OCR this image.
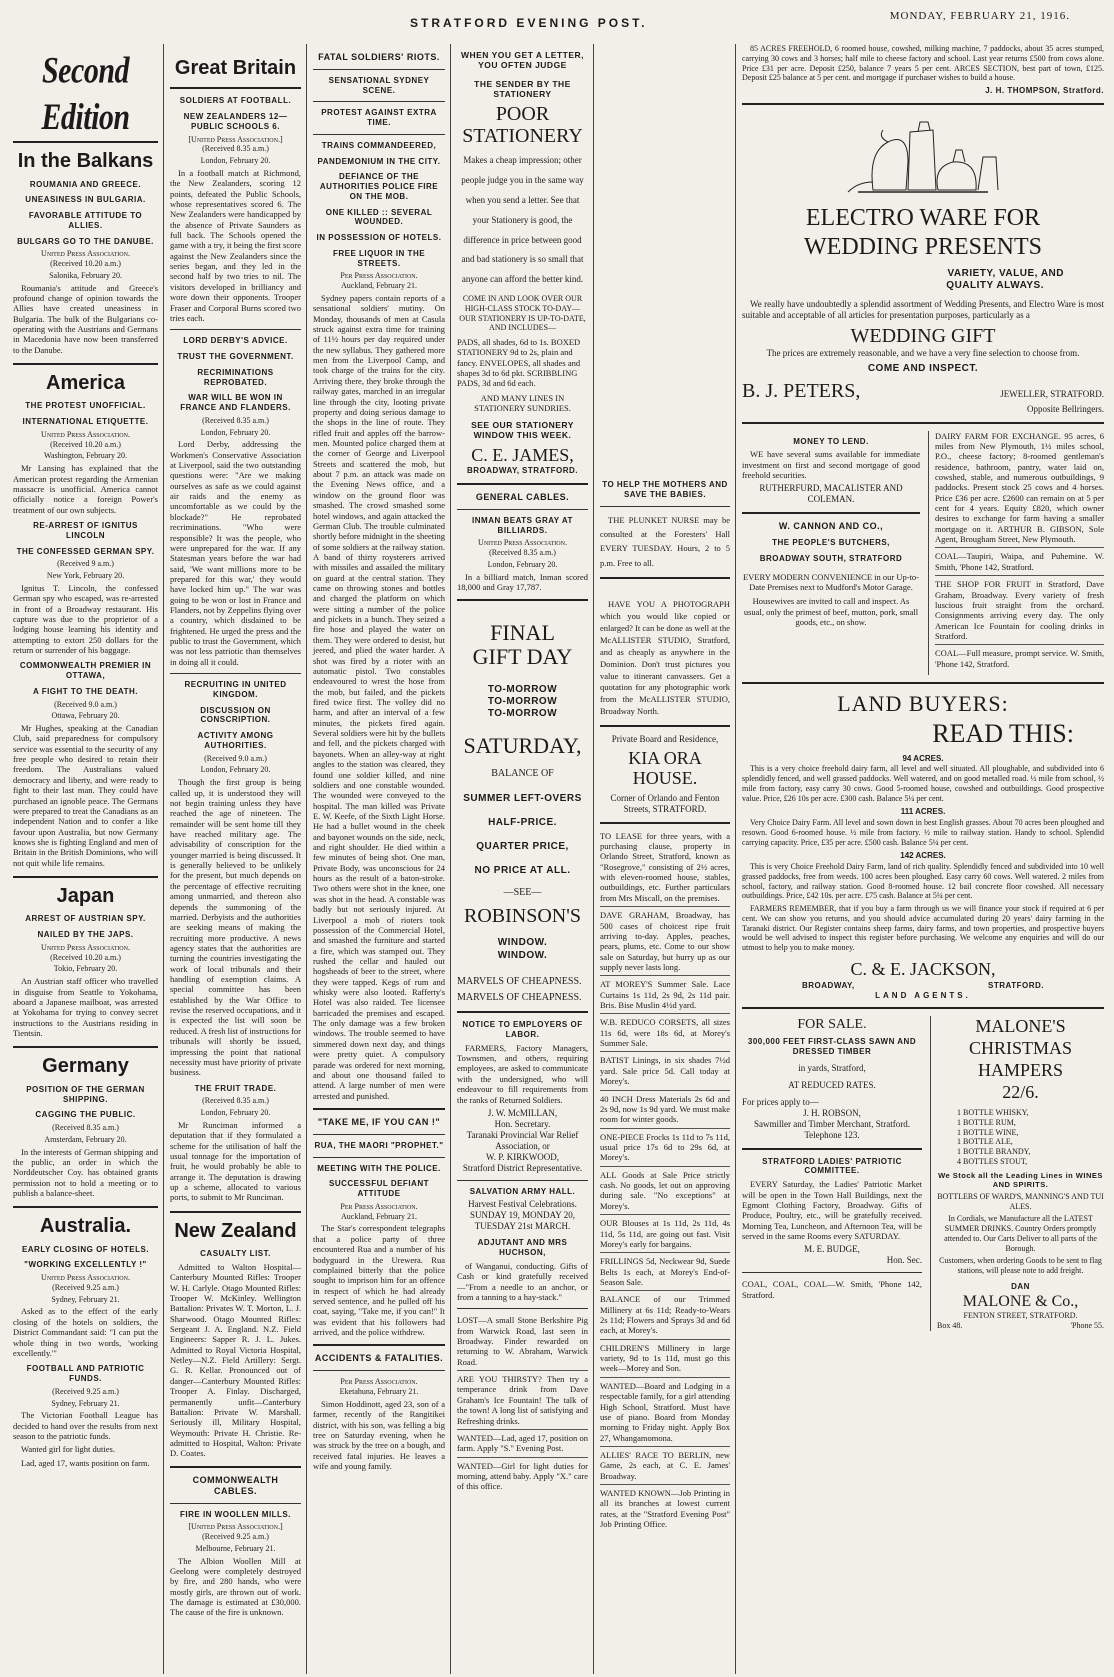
STRATFORD EVENING POST.	MONDAY, FEBRUARY 21, 1916.
Second Edition
In the Balkans
ROUMANIA AND GREECE.
UNEASINESS IN BULGARIA.
FAVORABLE ATTITUDE TO ALLIES.
BULGARS GO TO THE DANUBE.
United Press Association.
(Received 10.20 a.m.)
Salonika, February 20.
Roumania's attitude and Greece's profound change of opinion towards the Allies have created uneasiness in Bulgaria. The bulk of the Bulgarians co-operating with the Austrians and Germans in Macedonia have now been transferred to the Danube.
America
THE PROTEST UNOFFICIAL.
INTERNATIONAL ETIQUETTE.
United Press Association.
(Received 10.20 a.m.)
Washington, February 20.
Mr Lansing has explained that the American protest regarding the Armenian massacre is unofficial. America cannot officially notice a foreign Power's treatment of our own subjects.
RE-ARREST OF IGNITUS LINCOLN
THE CONFESSED GERMAN SPY.
(Received 9 a.m.)
New York, February 20.
Ignitus T. Lincoln, the confessed German spy who escaped, was re-arrested in front of a Broadway restaurant. His capture was due to the proprietor of a lodging house learning his identity and attempting to extort 250 dollars for the return or surrender of his baggage.
COMMONWEALTH PREMIER IN OTTAWA,
A FIGHT TO THE DEATH.
(Received 9.0 a.m.)
Ottawa, February 20.
Mr Hughes, speaking at the Canadian Club, said preparedness for compulsory service was essential to the security of any free people who desired to retain their freedom. The Australians valued democracy and liberty, and were ready to fight to their last man. They could have purchased an ignoble peace. The Germans were prepared to treat the Canadians as an independent Nation and to confer a like favour upon Australia, but now Germany knows she is fighting England and men of Britain in the British Dominions, who will not quit while life remains.
Japan
ARREST OF AUSTRIAN SPY.
NAILED BY THE JAPS.
United Press Association.
(Received 10.20 a.m.)
Tokio, February 20.
An Austrian staff officer who travelled in disguise from Seattle to Yokohama, aboard a Japanese mailboat, was arrested at Yokohama for trying to convey secret instructions to the Austrians residing in Tientsin.
Germany
POSITION OF THE GERMAN SHIPPING.
CAGGING THE PUBLIC.
(Received 8.35 a.m.)
Amsterdam, February 20.
In the interests of German shipping and the public, an order in which the Norddeutscher Coy. has obtained grants permission not to hold a meeting or to publish a balance-sheet.
Australia.
EARLY CLOSING OF HOTELS.
"WORKING EXCELLENTLY !"
United Press Association.
(Received 9.25 a.m.)
Sydney, February 21.
Asked as to the effect of the early closing of the hotels on soldiers, the District Commandant said: "I can put the whole thing in two words, 'working excellently.'"
FOOTBALL AND PATRIOTIC FUNDS.
(Received 9.25 a.m.)
Sydney, February 21.
The Victorian Football League has decided to hand over the results from next season to the patriotic funds.
Wanted girl for light duties.
Lad, aged 17, wants position on farm.
Great Britain
SOLDIERS AT FOOTBALL.
NEW ZEALANDERS 12—PUBLIC SCHOOLS 6.
[United Press Association.]
(Received 8.35 a.m.)
London, February 20.
In a football match at Richmond, the New Zealanders, scoring 12 points, defeated the Public Schools, whose representatives scored 6. The New Zealanders were handicapped by the absence of Private Saunders as full back. The Schools opened the game with a try, it being the first score against the New Zealanders since the series began, and they led in the second half by two tries to nil. The visitors developed in brilliancy and wore down their opponents. Trooper Fraser and Corporal Burns scored two tries each.
LORD DERBY'S ADVICE.
TRUST THE GOVERNMENT.
RECRIMINATIONS REPROBATED.
WAR WILL BE WON IN FRANCE AND FLANDERS.
(Received 8.35 a.m.)
London, February 20.
Lord Derby, addressing the Workmen's Conservative Association at Liverpool, said the two outstanding questions were: "Are we making ourselves as safe as we could against air raids and the enemy as uncomfortable as we could by the blockade?" He reprobated recriminations. "Who were responsible? It was the people, who were unprepared for the war. If any Statesman years before the war had said, 'We want millions more to be prepared for this war,' they would have locked him up." The war was going to be won or lost in France and Flanders, not by Zeppelins flying over a country, which disdained to be frightened. He urged the press and the public to trust the Government, which was not less patriotic than themselves in doing all it could.
RECRUITING IN UNITED KINGDOM.
DISCUSSION ON CONSCRIPTION.
ACTIVITY AMONG AUTHORITIES.
(Received 9.0 a.m.)
London, February 20.
Though the first group is being called up, it is understood they will not begin training unless they have reached the age of nineteen. The remainder will be sent home till they have reached military age. The advisability of conscription for the younger married is being discussed. It is generally believed to be unlikely for the present, but much depends on the percentage of effective recruiting among unmarried, and thereon also depends the summoning of the married. Derbyists and the authorities are seeking means of making the recruiting more productive. A news agency states that the authorities are turning the countries investigating the work of local tribunals and their handling of exemption claims. A special committee has been established by the War Office to revise the reserved occupations, and it is expected the list will soon be reduced. A fresh list of instructions for tribunals will shortly be issued, impressing the point that national necessity must have priority of private business.
THE FRUIT TRADE.
(Received 8.35 a.m.)
London, February 20.
Mr Runciman informed a deputation that if they formulated a scheme for the utilisation of half the usual tonnage for the importation of fruit, he would probably be able to arrange it. The deputation is drawing up a scheme, allocated to various ports, to submit to Mr Runciman.
New Zealand
CASUALTY LIST.
Admitted to Walton Hospital—Canterbury Mounted Rifles: Trooper W. H. Carlyle. Otago Mounted Rifles: Trooper W. McKinley. Wellington Battalion: Privates W. T. Morton, L. J. Sharwood. Otago Mounted Rifles: Sergeant J. A. England. N.Z. Field Engineers: Sapper R. J. L. Jukes. Admitted to Royal Victoria Hospital, Netley—N.Z. Field Artillery: Sergt. G. R. Kellar. Pronounced out of danger—Canterbury Mounted Rifles: Trooper A. Finlay. Discharged, permanently unfit—Canterbury Battalion: Private W. Marshall. Seriously ill, Military Hospital, Weymouth: Private H. Christie. Re-admitted to Hospital, Walton: Private D. Coates.
COMMONWEALTH CABLES.
FIRE IN WOOLLEN MILLS.
[United Press Association.]
(Received 9.25 a.m.)
Melbourne, February 21.
The Albion Woollen Mill at Geelong were completely destroyed by fire, and 280 hands, who were mostly girls, are thrown out of work. The damage is estimated at £30,000. The cause of the fire is unknown.
FATAL SOLDIERS' RIOTS.
SENSATIONAL SYDNEY SCENE.
PROTEST AGAINST EXTRA TIME.
TRAINS COMMANDEERED,
PANDEMONIUM IN THE CITY.
DEFIANCE OF THE AUTHORITIES POLICE FIRE ON THE MOB.
ONE KILLED :: SEVERAL WOUNDED.
IN POSSESSION OF HOTELS.
FREE LIQUOR IN THE STREETS.
Per Press Association.
Auckland, February 21.
Sydney papers contain reports of a sensational soldiers' mutiny. On Monday, thousands of men at Casula struck against extra time for training of 11½ hours per day required under the new syllabus. They gathered more men from the Liverpool Camp, and took charge of the trains for the city. Arriving there, they broke through the railway gates, marched in an irregular line through the city, looting private property and doing serious damage to the shops in the line of route. They rifled fruit and apples off the barrow-men. Mounted police charged them at the corner of George and Liverpool Streets and scattered the mob, but about 7 p.m. an attack was made on the Evening News office, and a window on the ground floor was smashed. The crowd smashed some hotel windows, and again attacked the German Club. The trouble culminated shortly before midnight in the sheeting of some soldiers at the railway station. A band of thirty roysterers arrived with missiles and assailed the military on guard at the central station. They came on throwing stones and bottles and charged the platform on which were sitting a number of the police and pickets in a bunch. They seized a fire hose and played the water on them. They were ordered to desist, but jeered, and plied the water harder. A shot was fired by a rioter with an automatic pistol. Two constables endeavoured to wrest the hose from the mob, but failed, and the pickets fired twice first. The volley did no harm, and after an interval of a few minutes, the pickets fired again. Several soldiers were hit by the bullets and fell, and the pickets charged with bayonets. When an alley-way at right angles to the station was cleared, they found one soldier killed, and nine soldiers and one constable wounded. The wounded were conveyed to the hospital. The man killed was Private E. W. Keefe, of the Sixth Light Horse. He had a bullet wound in the cheek and bayonet wounds on the side, neck, and right shoulder. He died within a few minutes of being shot. One man, Private Body, was unconscious for 24 hours as the result of a baton-stroke. Two others were shot in the knee, one was shot in the head. A constable was badly but not seriously injured. At Liverpool a mob of rioters took possession of the Commercial Hotel, and smashed the furniture and started a fire, which was stamped out. They rushed the cellar and hauled out hogsheads of beer to the street, where they were tapped. Kegs of rum and whisky were also looted. Rafferty's Hotel was also raided. Tee licensee barricaded the premises and escaped. The only damage was a few broken windows. The trouble seemed to have simmered down next day, and things were pretty quiet. A compulsory parade was ordered for next morning, and about one thousand failed to attend. A large number of men were arrested and punished.
"TAKE ME, IF YOU CAN !"
RUA, THE MAORI "PROPHET."
MEETING WITH THE POLICE.
SUCCESSFUL DEFIANT ATTITUDE
Per Press Association.
Auckland, February 21.
The Star's correspondent telegraphs that a police party of three encountered Rua and a number of his bodyguard in the Urewera. Rua complained bitterly that the police sought to imprison him for an offence in respect of which he had already served sentence, and he pulled off his coat, saying, "Take me, if you can!" It was evident that his followers had arrived, and the police withdrew.
ACCIDENTS & FATALITIES.
Per Press Association.
Eketahuna, February 21.
Simon Hoddinott, aged 23, son of a farmer, recently of the Rangitikei district, with his son, was felling a big tree on Saturday evening, when he was struck by the tree on a bough, and received fatal injuries. He leaves a wife and young family.
WHEN YOU GET A LETTER, YOU OFTEN JUDGE
THE SENDER BY THE STATIONERY
POOR
STATIONERY
Makes a cheap impression; other people judge you in the same way when you send a letter. See that your Stationery is good, the difference in price between good and bad stationery is so small that anyone can afford the better kind.
COME IN AND LOOK OVER OUR HIGH-CLASS STOCK TO-DAY—OUR STATIONERY IS UP-TO-DATE, AND INCLUDES—
PADS, all shades, 6d to 1s. BOXED STATIONERY 9d to 2s, plain and fancy. ENVELOPES, all shades and shapes 3d to 6d pkt. SCRIBBLING PADS, 3d and 6d each.
AND MANY LINES IN STATIONERY SUNDRIES.
SEE OUR STATIONERY WINDOW THIS WEEK.
C. E. JAMES,
BROADWAY, STRATFORD.
GENERAL CABLES.
INMAN BEATS GRAY AT BILLIARDS.
United Press Association.
(Received 8.35 a.m.)
London, February 20.
In a billiard match, Inman scored 18,000 and Gray 17,787.
FINAL
GIFT DAY
TO-MORROW
TO-MORROW
TO-MORROW
SATURDAY,
BALANCE OF
SUMMER LEFT-OVERS
HALF-PRICE.
QUARTER PRICE,
NO PRICE AT ALL.
—SEE—
ROBINSON'S
WINDOW.
WINDOW.
MARVELS OF CHEAPNESS.
MARVELS OF CHEAPNESS.
NOTICE TO EMPLOYERS OF LABOR.
FARMERS, Factory Managers, Townsmen, and others, requiring employees, are asked to communicate with the undersigned, who will endeavour to fill requirements from the ranks of Returned Soldiers.
J. W. McMILLAN,
Hon. Secretary.
Taranaki Provincial War Relief Association, or
W. P. KIRKWOOD,
Stratford District Representative.
SALVATION ARMY HALL.
Harvest Festival Celebrations.
SUNDAY 19, MONDAY 20, TUESDAY 21st MARCH.
ADJUTANT AND MRS HUCHSON,
of Wanganui, conducting. Gifts of Cash or kind gratefully received—"From a needle to an anchor, or from a tanning to a hay-stack."
LOST—A small Stone Berkshire Pig from Warwick Road, last seen in Broadway. Finder rewarded on returning to W. Abraham, Warwick Road.
ARE YOU THIRSTY? Then try a temperance drink from Dave Graham's Ice Fountain! The talk of the town! A long list of satisfying and Refreshing drinks.
WANTED—Lad, aged 17, position on farm. Apply "S." Evening Post.
WANTED—Girl for light duties for morning, attend baby. Apply "X." care of this office.
TO HELP THE MOTHERS AND SAVE THE BABIES.
THE PLUNKET NURSE may be consulted at the Foresters' Hall EVERY TUESDAY. Hours, 2 to 5 p.m. Free to all.
HAVE YOU A PHOTOGRAPH which you would like copied or enlarged? It can be done as well at the McALLISTER STUDIO, Stratford, and as cheaply as anywhere in the Dominion. Don't trust pictures you value to itinerant canvassers. Get a quotation for any photographic work from the McALLISTER STUDIO, Broadway North.
Private Board and Residence,
KIA ORA HOUSE.
Corner of Orlando and Fenton Streets, STRATFORD.
TO LEASE for three years, with a purchasing clause, property in Orlando Street, Stratford, known as "Rosegrove," consisting of 2½ acres, with eleven-roomed house, stables, outbuildings, etc. Further particulars from Mrs Miscall, on the premises.
DAVE GRAHAM, Broadway, has 500 cases of choicest ripe fruit arriving to-day. Apples, peaches, pears, plums, etc. Come to our show sale on Saturday, but hurry up as our supply never lasts long.
AT MOREY'S Summer Sale. Lace Curtains 1s 11d, 2s 9d, 2s 11d pair. Bris. Bise Muslin 4½d yard.
W.B. REDUCO CORSETS, all sizes 11s 6d, were 18s 6d, at Morey's Summer Sale.
BATIST Linings, in six shades 7½d yard. Sale price 5d. Call today at Morey's.
40 INCH Dress Materials 2s 6d and 2s 9d, now 1s 9d yard. We must make room for winter goods.
ONE-PIECE Frocks 1s 11d to 7s 11d, usual price 17s 6d to 29s 6d, at Morey's.
ALL Goods at Sale Price strictly cash. No goods, let out on approving during sale. "No exceptions" at Morey's.
OUR Blouses at 1s 11d, 2s 11d, 4s 11d, 5s 11d, are going out fast. Visit Morey's early for bargains.
FRILLINGS 5d, Neckwear 9d, Suede Belts 1s each, at Morey's End-of-Season Sale.
BALANCE of our Trimmed Millinery at 6s 11d; Ready-to-Wears 2s 11d; Flowers and Sprays 3d and 6d each, at Morey's.
CHILDREN'S Millinery in large variety, 9d to 1s 11d, must go this week—Morey and Son.
WANTED—Board and Lodging in a respectable family, for a girl attending High School, Stratford. Must have use of piano. Board from Monday morning to Friday night. Apply Box 27, Whangamomona.
ALLIES' RACE TO BERLIN, new Game, 2s each, at C. E. James' Broadway.
WANTED KNOWN—Job Printing in all its branches at lowest current rates, at the "Stratford Evening Post" Job Printing Office.
85 ACRES FREEHOLD, 6 roomed house, cowshed, milking machine, 7 paddocks, about 35 acres stumped, carrying 30 cows and 3 horses; half mile to cheese factory and school. Last year returns £500 from cows alone. Price £31 per acre. Deposit £250, balance 7 years 5 per cent. ARCES SECTION, best part of town, £125. Deposit £25 balance at 5 per cent. and mortgage if purchaser wishes to build a house.
J. H. THOMPSON, Stratford.
ELECTRO WARE FOR
WEDDING PRESENTS
VARIETY, VALUE, AND
QUALITY ALWAYS.
We really have undoubtedly a splendid assortment of Wedding Presents, and Electro Ware is most suitable and acceptable of all articles for presentation purposes, particularly as a
WEDDING GIFT
The prices are extremely reasonable, and we have a very fine selection to choose from.
COME AND INSPECT.
B. J. PETERS,	JEWELLER, STRATFORD.
Opposite Bellringers.
MONEY TO LEND.
WE have several sums available for immediate investment on first and second mortgage of good freehold securities.
RUTHERFURD, MACALISTER AND COLEMAN.
W. CANNON AND CO.,
THE PEOPLE'S BUTCHERS,
BROADWAY SOUTH, STRATFORD
EVERY MODERN CONVENIENCE in our Up-to-Date Premises next to Mudford's Motor Garage.
Housewives are invited to call and inspect. As usual, only the primest of beef, mutton, pork, small goods, etc., on show.
DAIRY FARM FOR EXCHANGE. 95 acres, 6 miles from New Plymouth, 1½ miles school, P.O., cheese factory; 8-roomed gentleman's residence, bathroom, pantry, water laid on, cowshed, stable, and numerous outbuildings, 9 paddocks. Present stock 25 cows and 4 horses. Price £36 per acre. £2600 can remain on at 5 per cent for 4 years. Equity £820, which owner desires to exchange for farm having a smaller mortgage on it. ARTHUR B. GIBSON, Sole Agent, Brougham Street, New Plymouth.
COAL—Taupiri, Waipa, and Puhemine. W. Smith, 'Phone 142, Stratford.
THE SHOP FOR FRUIT in Stratford, Dave Graham, Broadway. Every variety of fresh luscious fruit straight from the orchard. Consignments arriving every day. The only American Ice Fountain for cooling drinks in Stratford.
COAL—Full measure, prompt service. W. Smith, 'Phone 142, Stratford.
LAND BUYERS:
READ THIS:
94 ACRES.
This is a very choice freehold dairy farm, all level and well situated. All ploughable, and subdivided into 6 splendidly fenced, and well grassed paddocks. Well watered, and on good metalled road. ½ mile from school, ½ mile from factory, easy carry 30 cows. Good 5-roomed house, cowshed and outbuildings. Good prospective value. Price, £26 10s per acre. £300 cash. Balance 5¼ per cent.
111 ACRES.
Very Choice Dairy Farm. All level and sown down in best English grasses. About 70 acres been ploughed and resown. Good 6-roomed house. ½ mile from factory. ½ mile to railway station. Handy to school. Splendid carrying capacity. Price, £35 per acre. £500 cash. Balance 5¼ per cent.
142 ACRES.
This is very Choice Freehold Dairy Farm, land of rich quality. Splendidly fenced and subdivided into 10 well grassed paddocks, free from weeds. 100 acres been ploughed. Easy carry 60 cows. Well watered. 2 miles from school, factory, and railway station. Good 8-roomed house. 12 bail concrete floor cowshed. All necessary outbuildings. Price, £42 10s. per acre. £75 cash. Balance at 5¼ per cent.
FARMERS REMEMBER, that if you buy a farm through us we will finance your stock if required at 6 per cent. We can show you returns, and you should advice accumulated during 20 years' dairy farming in the Taranaki district. Our Register contains sheep farms, dairy farms, and town properties, and prospective buyers would be well advised to inspect this register before purchasing. We welcome any enquiries and will do our utmost to help you to make money.
C. & E. JACKSON,
BROADWAY,	STRATFORD.
LAND AGENTS.
FOR SALE.
300,000 FEET FIRST-CLASS SAWN AND DRESSED TIMBER
in yards, Stratford,
AT REDUCED RATES.
For prices apply to—
J. H. ROBSON,
Sawmiller and Timber Merchant, Stratford. Telephone 123.
STRATFORD LADIES' PATRIOTIC COMMITTEE.
EVERY Saturday, the Ladies' Patriotic Market will be open in the Town Hall Buildings, next the Egmont Clothing Factory, Broadway. Gifts of Produce, Poultry, etc., will be gratefully received. Morning Tea, Luncheon, and Afternoon Tea, will be served in the same Rooms every SATURDAY.
M. E. BUDGE,
Hon. Sec.
COAL, COAL, COAL—W. Smith, 'Phone 142, Stratford.
MALONE'S
CHRISTMAS
HAMPERS
22/6.
1 BOTTLE WHISKY,
1 BOTTLE RUM,
1 BOTTLE WINE,
1 BOTTLE ALE,
1 BOTTLE BRANDY,
4 BOTTLES STOUT,
We Stock all the Leading Lines in WINES AND SPIRITS.
BOTTLERS OF WARD'S, MANNING'S AND TUI ALES.
In Cordials, we Manufacture all the LATEST SUMMER DRINKS. Country Orders promptly attended to. Our Carts Deliver to all parts of the Borough.
Customers, when ordering Goods to be sent to flag stations, will please note to add freight.
DAN
MALONE & Co.,
FENTON STREET, STRATFORD.
Box 48.	'Phone 55.
